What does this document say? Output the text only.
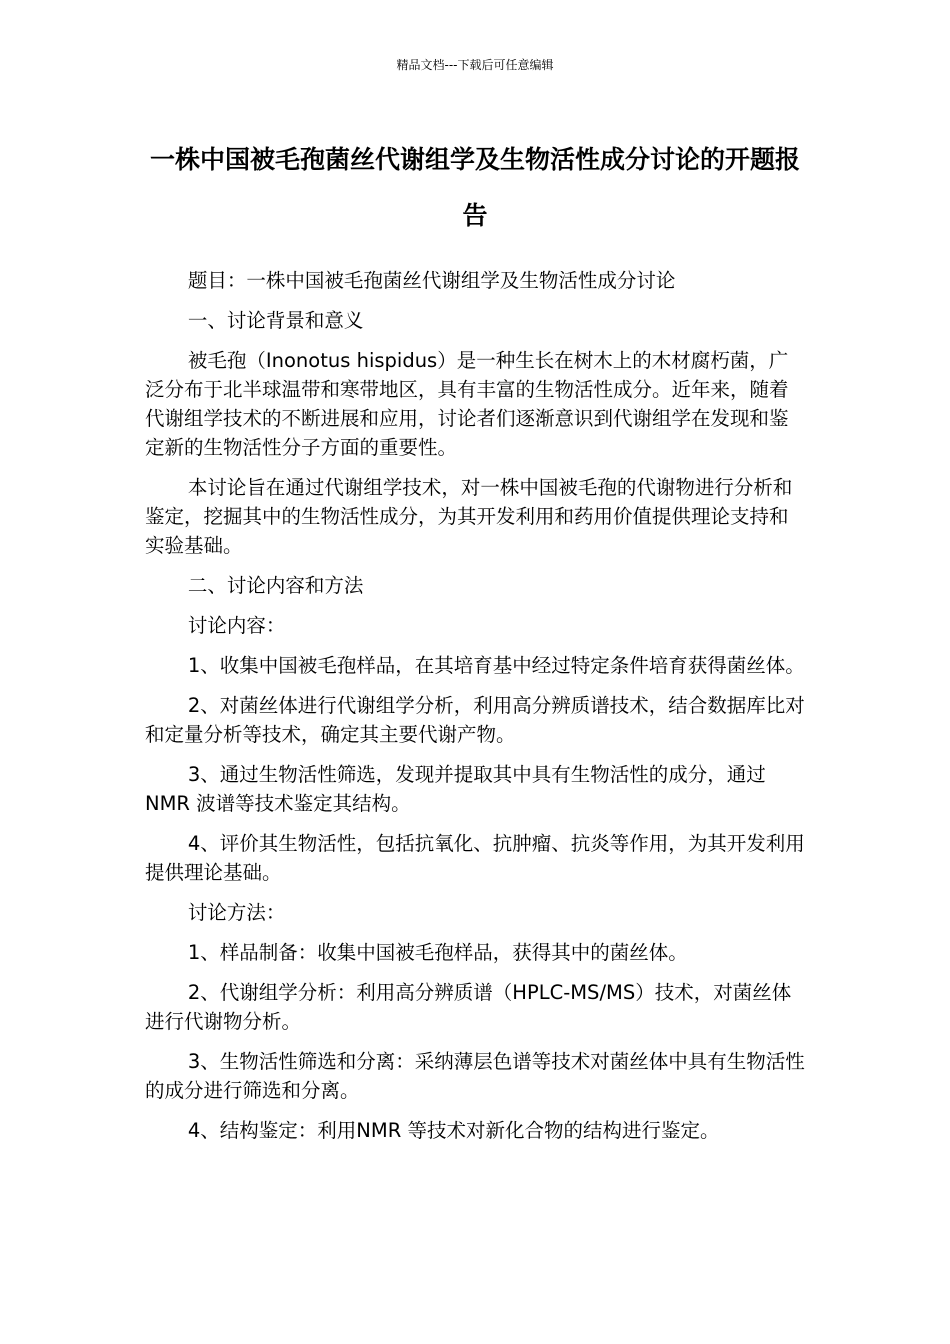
精品文档---下载后可任意编辑
一株中国被毛孢菌丝代谢组学及生物活性成分讨论的开题报告

题目：一株中国被毛孢菌丝代谢组学及生物活性成分讨论

一、讨论背景和意义

被毛孢（Inonotus hispidus）是一种生长在树木上的木材腐朽菌，广泛分布于北半球温带和寒带地区，具有丰富的生物活性成分。近年来，随着代谢组学技术的不断进展和应用，讨论者们逐渐意识到代谢组学在发现和鉴定新的生物活性分子方面的重要性。

本讨论旨在通过代谢组学技术，对一株中国被毛孢的代谢物进行分析和鉴定，挖掘其中的生物活性成分，为其开发利用和药用价值提供理论支持和实验基础。

二、讨论内容和方法

讨论内容：

1、收集中国被毛孢样品，在其培育基中经过特定条件培育获得菌丝体。

2、对菌丝体进行代谢组学分析，利用高分辨质谱技术，结合数据库比对和定量分析等技术，确定其主要代谢产物。

3、通过生物活性筛选，发现并提取其中具有生物活性的成分，通过NMR 波谱等技术鉴定其结构。

4、评价其生物活性，包括抗氧化、抗肿瘤、抗炎等作用，为其开发利用提供理论基础。

讨论方法：

1、样品制备：收集中国被毛孢样品，获得其中的菌丝体。

2、代谢组学分析：利用高分辨质谱（HPLC-MS/MS）技术，对菌丝体进行代谢物分析。

3、生物活性筛选和分离：采纳薄层色谱等技术对菌丝体中具有生物活性的成分进行筛选和分离。

4、结构鉴定：利用NMR 等技术对新化合物的结构进行鉴定。
